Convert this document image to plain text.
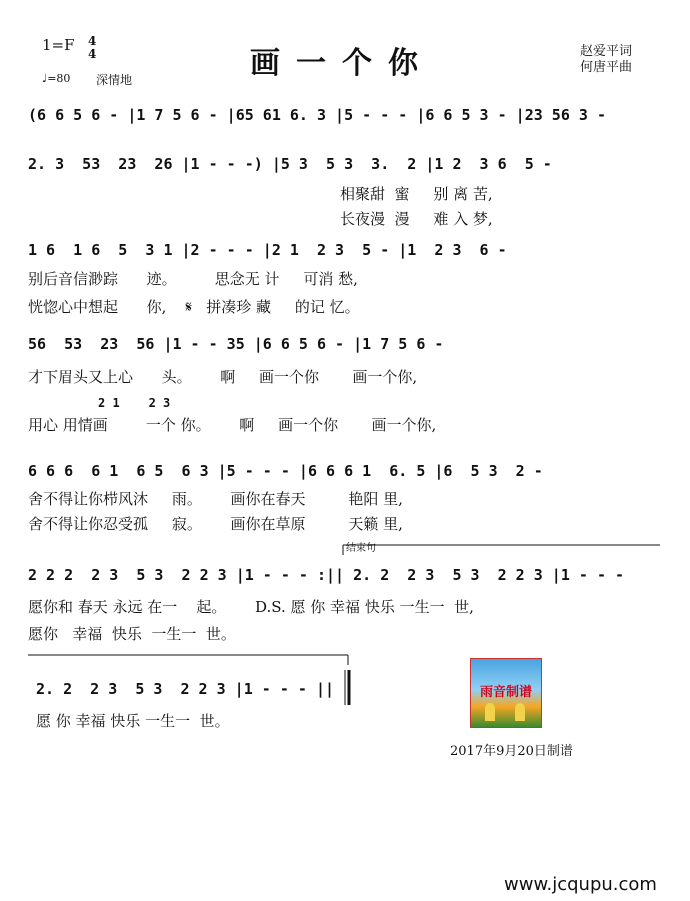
1=F 4
4
♩=80 深情地	画一个你	赵爱平词
何唐平曲
(6 6 5 6 - |1 7 5 6 - |65 61 6. 3 |5 - - - |6 6 5 3 - |23 56 3 -
2. 3  53  23  26 |1 - - -) |5 3  5 3  3.  2 |1 2  3 6  5 -
相聚甜  蜜     别 离 苦,
长夜漫  漫     难 入 梦,
1 6  1 6  5  3 1 |2 - - - |2 1  2 3  5 - |1  2 3  6 -
别后音信渺踪      迹。        思念无 计     可消 愁,
恍惚心中想起      你,    𝄋   拼凑珍 藏     的记 忆。
56  53  23  56 |1 - - 35 |6 6 5 6 - |1 7 5 6 -
才下眉头又上心      头。      啊     画一个你       画一个你,
2 1    2 3
用心 用情画        一个 你。      啊     画一个你       画一个你,
6 6 6  6 1  6 5  6 3 |5 - - - |6 6 6 1  6. 5 |6  5 3  2 -
舍不得让你栉风沐     雨。      画你在春天         艳阳 里,
舍不得让你忍受孤     寂。      画你在草原         天籁 里,
结束句
2 2 2  2 3  5 3  2 2 3 |1 - - - :|| 2. 2  2 3  5 3  2 2 3 |1 - - -
愿你和 春天 永远 在一    起。      D.S. 愿 你 幸福 快乐 一生一  世,
愿你   幸福  快乐  一生一  世。
2. 2  2 3  5 3  2 2 3 |1 - - - ||
愿 你 幸福 快乐 一生一  世。
雨音制谱
2017年9月20日制谱
www.jcqupu.com
